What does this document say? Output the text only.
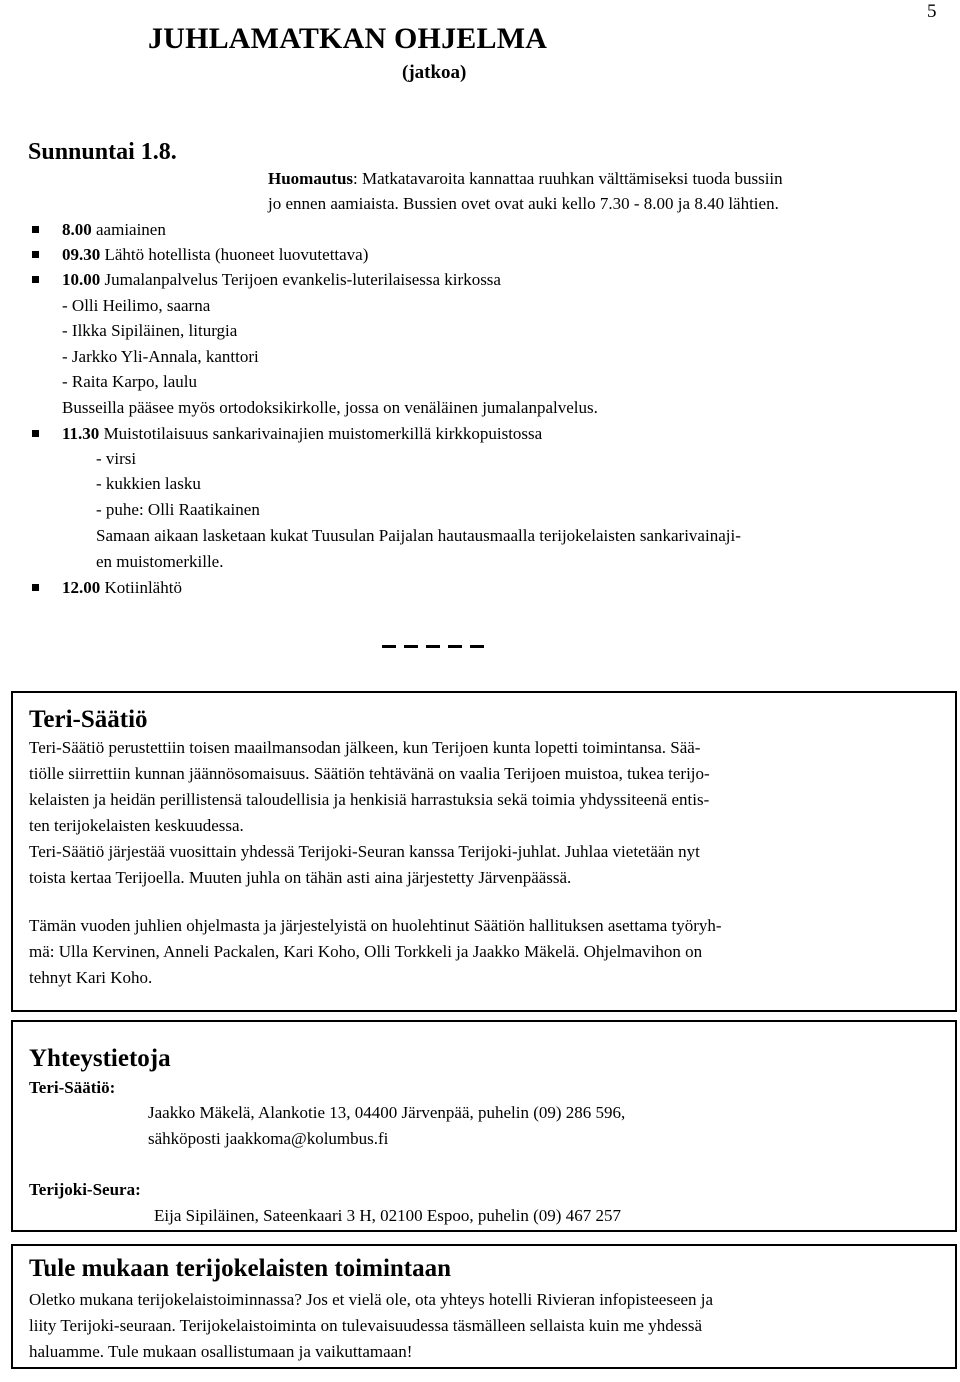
5
JUHLAMATKAN OHJELMA
(jatkoa)
Sunnuntai 1.8.
Huomautus: Matkatavaroita kannattaa ruuhkan välttämiseksi tuoda bussiin
jo ennen aamiaista. Bussien ovet ovat auki kello 7.30 - 8.00 ja 8.40 lähtien.
8.00 aamiainen
09.30 Lähtö hotellista (huoneet luovutettava)
10.00 Jumalanpalvelus Terijoen evankelis-luterilaisessa kirkossa
- Olli Heilimo, saarna
- Ilkka Sipiläinen, liturgia
- Jarkko Yli-Annala, kanttori
- Raita Karpo, laulu
Busseilla pääsee myös ortodoksikirkolle, jossa on venäläinen jumalanpalvelus.
11.30 Muistotilaisuus sankarivainajien muistomerkillä kirkkopuistossa
- virsi
- kukkien lasku
- puhe: Olli Raatikainen
Samaan aikaan lasketaan kukat Tuusulan Paijalan hautausmaalla terijokelaisten sankarivainaji-
en muistomerkille.
12.00 Kotiinlähtö
Teri-Säätiö
Teri-Säätiö perustettiin toisen maailmansodan jälkeen, kun Terijoen kunta lopetti toimintansa. Sää-
tiölle siirrettiin kunnan jäännösomaisuus. Säätiön tehtävänä on vaalia Terijoen muistoa, tukea terijo-
kelaisten ja heidän perillistensä taloudellisia ja henkisiä harrastuksia sekä toimia yhdyssiteenä entis-
ten terijokelaisten keskuudessa.
Teri-Säätiö järjestää vuosittain yhdessä Terijoki-Seuran kanssa Terijoki-juhlat. Juhlaa vietetään nyt
toista kertaa Terijoella. Muuten juhla on tähän asti aina järjestetty Järvenpäässä.
Tämän vuoden juhlien ohjelmasta ja järjestelyistä on huolehtinut Säätiön hallituksen asettama työryh-
mä: Ulla Kervinen, Anneli Packalen, Kari Koho, Olli Torkkeli ja Jaakko Mäkelä. Ohjelmavihon on
tehnyt Kari Koho.
Yhteystietoja
Teri-Säätiö:
Jaakko Mäkelä, Alankotie 13, 04400 Järvenpää, puhelin (09) 286 596,
sähköposti jaakkoma@kolumbus.fi
Terijoki-Seura:
Eija Sipiläinen, Sateenkaari 3 H, 02100 Espoo, puhelin (09) 467 257
Tule mukaan terijokelaisten toimintaan
Oletko mukana terijokelaistoiminnassa? Jos et vielä ole, ota yhteys hotelli Rivieran infopisteeseen ja
liity Terijoki-seuraan. Terijokelaistoiminta on tulevaisuudessa täsmälleen sellaista kuin me yhdessä
haluamme. Tule mukaan osallistumaan ja vaikuttamaan!
